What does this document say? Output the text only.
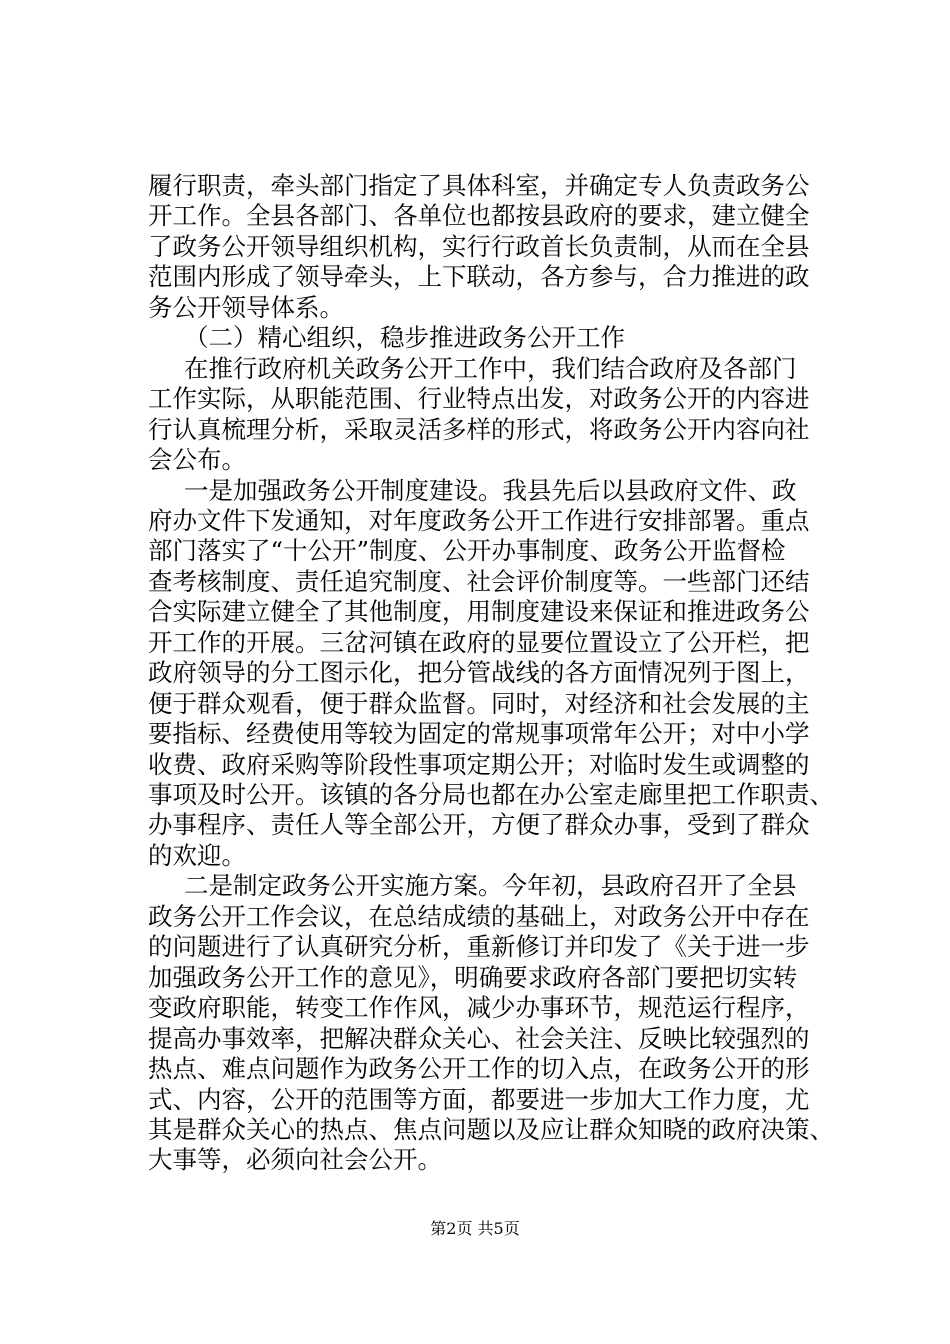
履行职责，牵头部门指定了具体科室，并确定专人负责政务公
开工作。全县各部门、各单位也都按县政府的要求，建立健全
了政务公开领导组织机构，实行行政首长负责制，从而在全县
范围内形成了领导牵头，上下联动，各方参与，合力推进的政
务公开领导体系。
（二）精心组织，稳步推进政务公开工作
在推行政府机关政务公开工作中，我们结合政府及各部门
工作实际，从职能范围、行业特点出发，对政务公开的内容进
行认真梳理分析，采取灵活多样的形式，将政务公开内容向社
会公布。
一是加强政务公开制度建设。我县先后以县政府文件、政
府办文件下发通知，对年度政务公开工作进行安排部署。重点
部门落实了“十公开”制度、公开办事制度、政务公开监督检
查考核制度、责任追究制度、社会评价制度等。一些部门还结
合实际建立健全了其他制度，用制度建设来保证和推进政务公
开工作的开展。三岔河镇在政府的显要位置设立了公开栏，把
政府领导的分工图示化，把分管战线的各方面情况列于图上，
便于群众观看，便于群众监督。同时，对经济和社会发展的主
要指标、经费使用等较为固定的常规事项常年公开；对中小学
收费、政府采购等阶段性事项定期公开；对临时发生或调整的
事项及时公开。该镇的各分局也都在办公室走廊里把工作职责、
办事程序、责任人等全部公开，方便了群众办事，受到了群众
的欢迎。
二是制定政务公开实施方案。今年初，县政府召开了全县
政务公开工作会议，在总结成绩的基础上，对政务公开中存在
的问题进行了认真研究分析，重新修订并印发了《关于进一步
加强政务公开工作的意见》，明确要求政府各部门要把切实转
变政府职能，转变工作作风，减少办事环节，规范运行程序，
提高办事效率，把解决群众关心、社会关注、反映比较强烈的
热点、难点问题作为政务公开工作的切入点，在政务公开的形
式、内容，公开的范围等方面，都要进一步加大工作力度，尤
其是群众关心的热点、焦点问题以及应让群众知晓的政府决策、
大事等，必须向社会公开。
第2页 共5页
